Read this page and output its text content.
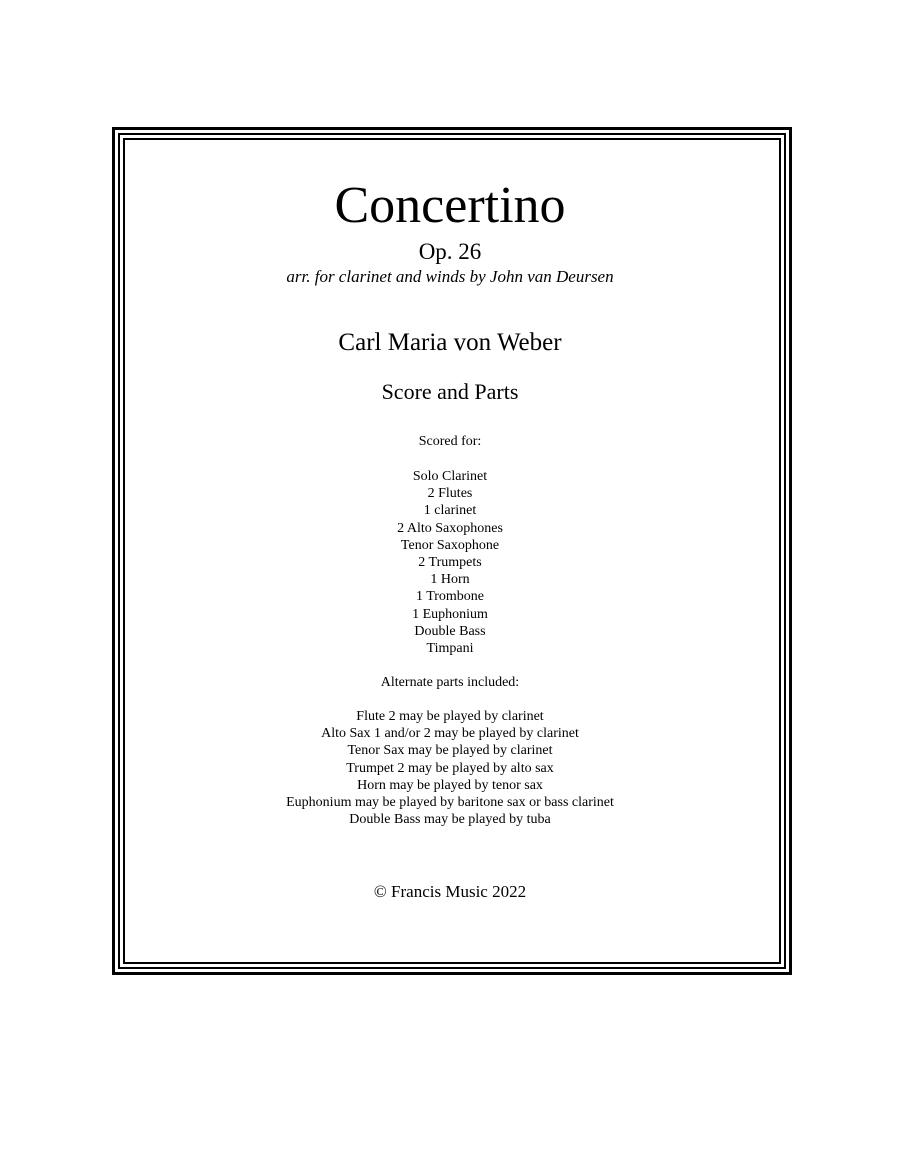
Concertino
Op. 26
arr. for clarinet and winds by John van Deursen
Carl Maria von Weber
Score and Parts
Scored for:
Solo Clarinet
2 Flutes
1 clarinet
2 Alto Saxophones
Tenor Saxophone
2 Trumpets
1 Horn
1 Trombone
1 Euphonium
Double Bass
Timpani
Alternate parts included:
Flute 2 may be played by clarinet
Alto Sax 1 and/or 2 may be played by clarinet
Tenor Sax may be played by clarinet
Trumpet 2 may be played by alto sax
Horn may be played by tenor sax
Euphonium may be played by baritone sax or bass clarinet
Double Bass may be played by tuba
© Francis Music 2022
